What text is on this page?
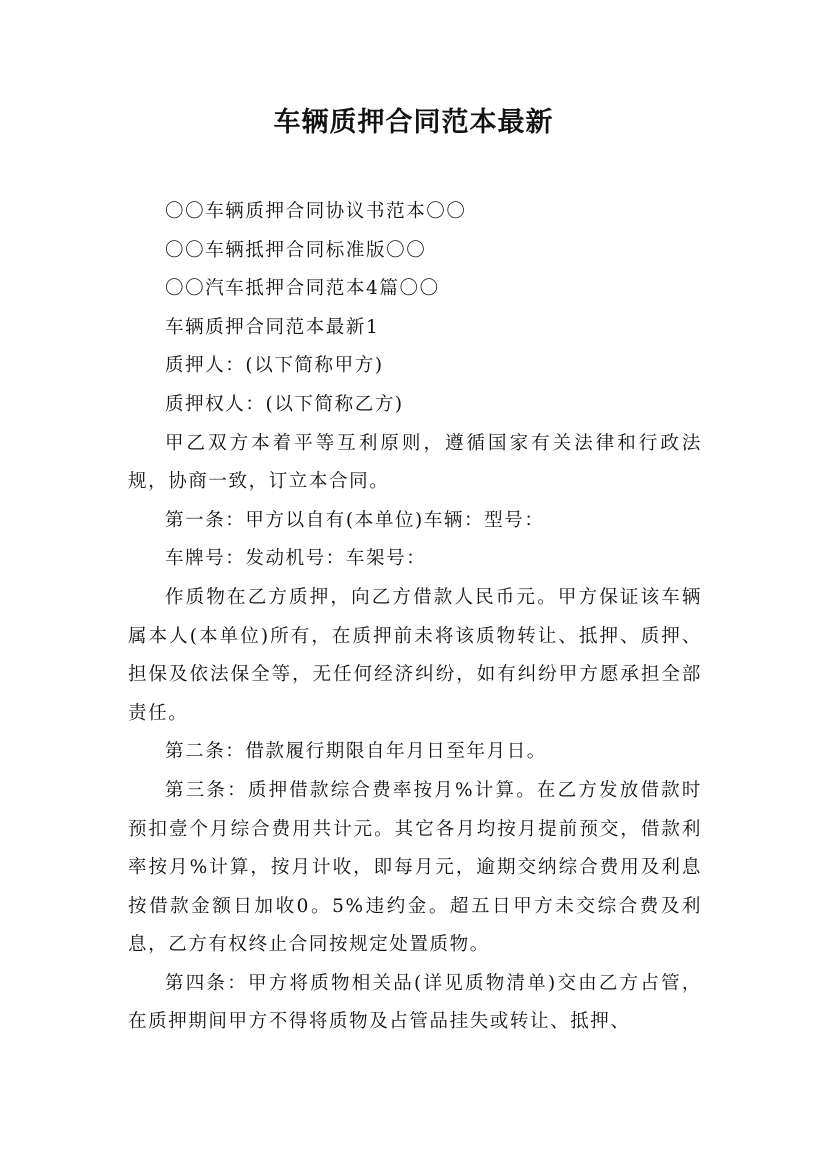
车辆质押合同范本最新

〇〇车辆质押合同协议书范本〇〇

〇〇车辆抵押合同标准版〇〇

〇〇汽车抵押合同范本4篇〇〇

车辆质押合同范本最新1

质押人：(以下简称甲方)

质押权人：(以下简称乙方)

甲乙双方本着平等互利原则，遵循国家有关法律和行政法规，协商一致，订立本合同。

第一条：甲方以自有(本单位)车辆：型号：

车牌号：发动机号：车架号：

作质物在乙方质押，向乙方借款人民币元。甲方保证该车辆属本人(本单位)所有，在质押前未将该质物转让、抵押、质押、担保及依法保全等，无任何经济纠纷，如有纠纷甲方愿承担全部责任。

第二条：借款履行期限自年月日至年月日。

第三条：质押借款综合费率按月%计算。在乙方发放借款时预扣壹个月综合费用共计元。其它各月均按月提前预交，借款利率按月%计算，按月计收，即每月元，逾期交纳综合费用及利息按借款金额日加收0。5%违约金。超五日甲方未交综合费及利息，乙方有权终止合同按规定处置质物。

第四条：甲方将质物相关品(详见质物清单)交由乙方占管，在质押期间甲方不得将质物及占管品挂失或转让、抵押、
